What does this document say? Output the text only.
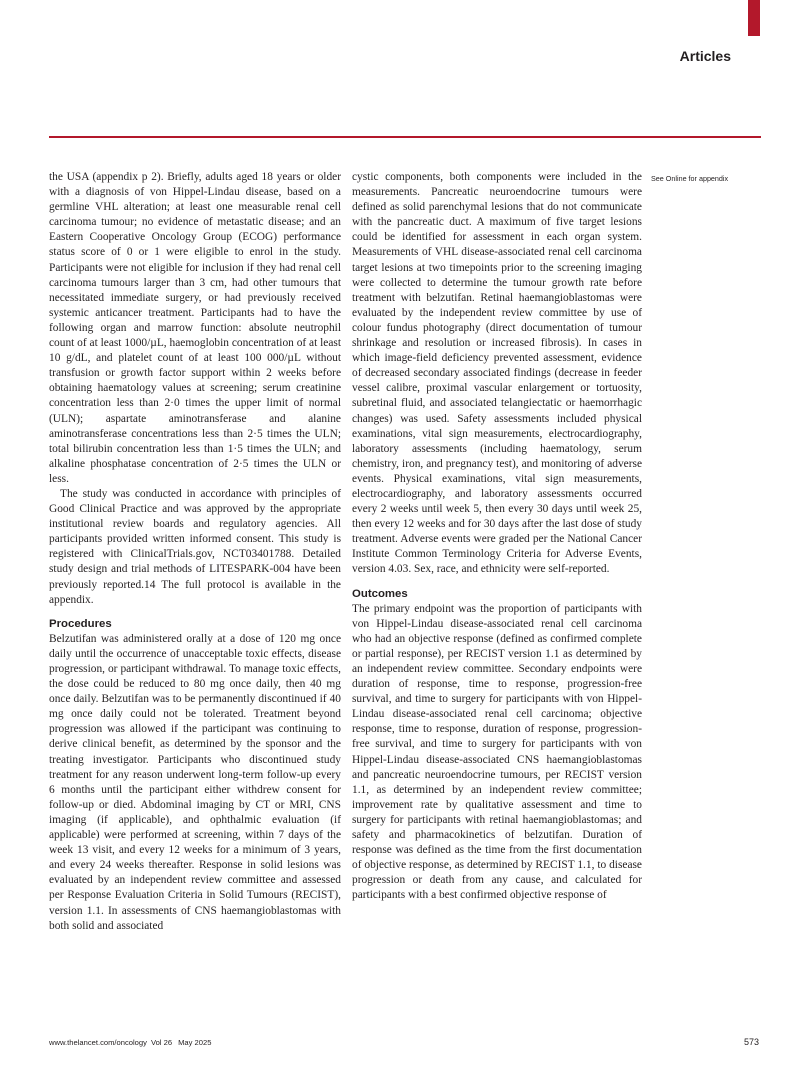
Articles

the USA (appendix p 2). Briefly, adults aged 18 years or older with a diagnosis of von Hippel-Lindau disease, based on a germline VHL alteration; at least one measurable renal cell carcinoma tumour; no evidence of metastatic disease; and an Eastern Cooperative Oncology Group (ECOG) performance status score of 0 or 1 were eligible to enrol in the study. Participants were not eligible for inclusion if they had renal cell carcinoma tumours larger than 3 cm, had other tumours that necessitated immediate surgery, or had previously received systemic anticancer treatment. Participants had to have the following organ and marrow function: absolute neutrophil count of at least 1000/µL, haemoglobin concentration of at least 10 g/dL, and platelet count of at least 100 000/µL without transfusion or growth factor support within 2 weeks before obtaining haematology values at screening; serum creatinine concentration less than 2·0 times the upper limit of normal (ULN); aspartate aminotransferase and alanine aminotransferase concentrations less than 2·5 times the ULN; total bilirubin concentration less than 1·5 times the ULN; and alkaline phosphatase concentration of 2·5 times the ULN or less.

The study was conducted in accordance with principles of Good Clinical Practice and was approved by the appropriate institutional review boards and regulatory agencies. All participants provided written informed consent. This study is registered with ClinicalTrials.gov, NCT03401788. Detailed study design and trial methods of LITESPARK-004 have been previously reported.14 The full protocol is available in the appendix.

Procedures

Belzutifan was administered orally at a dose of 120 mg once daily until the occurrence of unacceptable toxic effects, disease progression, or participant withdrawal. To manage toxic effects, the dose could be reduced to 80 mg once daily, then 40 mg once daily. Belzutifan was to be permanently discontinued if 40 mg once daily could not be tolerated. Treatment beyond progression was allowed if the participant was continuing to derive clinical benefit, as determined by the sponsor and the treating investigator. Participants who discontinued study treatment for any reason underwent long-term follow-up every 6 months until the participant either withdrew consent for follow-up or died. Abdominal imaging by CT or MRI, CNS imaging (if applicable), and ophthalmic evaluation (if applicable) were performed at screening, within 7 days of the week 13 visit, and every 12 weeks for a minimum of 3 years, and every 24 weeks thereafter. Response in solid lesions was evaluated by an independent review committee and assessed per Response Evaluation Criteria in Solid Tumours (RECIST), version 1.1. In assessments of CNS haemangioblastomas with both solid and associated

cystic components, both components were included in the measurements. Pancreatic neuroendocrine tumours were defined as solid parenchymal lesions that do not communicate with the pancreatic duct. A maximum of five target lesions could be identified for assessment in each organ system. Measurements of VHL disease-associated renal cell carcinoma target lesions at two timepoints prior to the screening imaging were collected to determine the tumour growth rate before treatment with belzutifan. Retinal haemangioblastomas were evaluated by the independent review committee by use of colour fundus photography (direct documentation of tumour shrinkage and resolution or increased fibrosis). In cases in which image-field deficiency prevented assessment, evidence of decreased secondary associated findings (decrease in feeder vessel calibre, proximal vascular enlargement or tortuosity, subretinal fluid, and associated telangiectatic or haemorrhagic changes) was used. Safety assessments included physical examinations, vital sign measurements, electrocardiography, laboratory assessments (including haematology, serum chemistry, iron, and pregnancy test), and monitoring of adverse events. Physical examinations, vital sign measurements, electrocardiography, and laboratory assessments occurred every 2 weeks until week 5, then every 30 days until week 25, then every 12 weeks and for 30 days after the last dose of study treatment. Adverse events were graded per the National Cancer Institute Common Terminology Criteria for Adverse Events, version 4.03. Sex, race, and ethnicity were self-reported.

Outcomes

The primary endpoint was the proportion of participants with von Hippel-Lindau disease-associated renal cell carcinoma who had an objective response (defined as confirmed complete or partial response), per RECIST version 1.1 as determined by an independent review committee. Secondary endpoints were duration of response, time to response, progression-free survival, and time to surgery for participants with von Hippel-Lindau disease-associated renal cell carcinoma; objective response, time to response, duration of response, progression-free survival, and time to surgery for participants with von Hippel-Lindau disease-associated CNS haemangioblastomas and pancreatic neuroendocrine tumours, per RECIST version 1.1, as determined by an independent review committee; improvement rate by qualitative assessment and time to surgery for participants with retinal haemangioblastomas; and safety and pharmacokinetics of belzutifan. Duration of response was defined as the time from the first documentation of objective response, as determined by RECIST 1.1, to disease progression or death from any cause, and calculated for participants with a best confirmed objective response of

See Online for appendix
www.thelancet.com/oncology Vol 26 May 2025	573
